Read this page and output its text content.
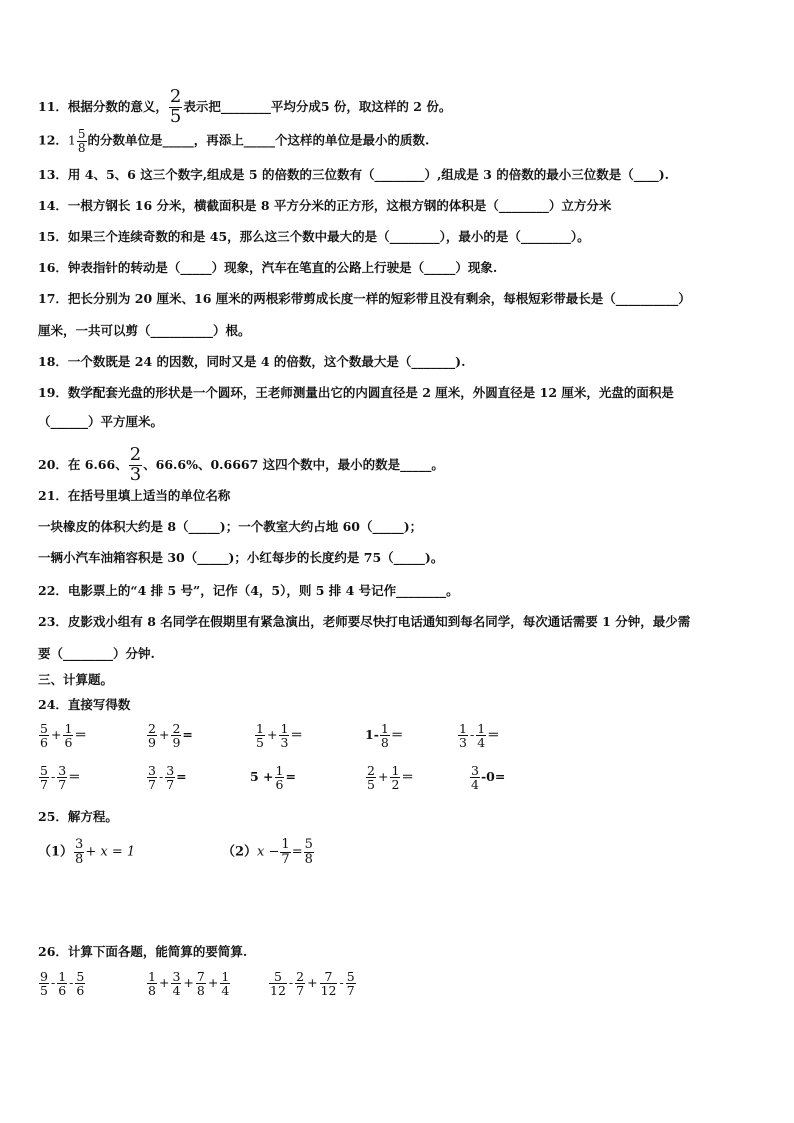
11．根据分数的意义， $\frac{2}{5}$ 表示把________平均分成5 份，取这样的 2 份。
12．$1 \frac{5}{8}$ 的分数单位是_____，再添上_____个这样的单位是最小的质数.
13．用 4、5、6 这三个数字,组成是 5 的倍数的三位数有（________）,组成是 3 的倍数的最小三位数是（____).
14．一根方钢长 16 分米，横截面积是 8 平方分米的正方形，这根方钢的体积是（________）立方分米
15．如果三个连续奇数的和是 45，那么这三个数中最大的是（________），最小的是（________）。
16．钟表指针的转动是（_____）现象，汽车在笔直的公路上行驶是（_____）现象.
17．把长分别为 20 厘米、16 厘米的两根彩带剪成长度一样的短彩带且没有剩余，每根短彩带最长是（__________）
厘米，一共可以剪（__________）根。
18．一个数既是 24 的因数，同时又是 4 的倍数，这个数最大是（_______).
19．数学配套光盘的形状是一个圆环，王老师测量出它的内圆直径是 2 厘米，外圆直径是 12 厘米，光盘的面积是
（______）平方厘米。
20．在 6.66、 $\frac{2}{3}$ 、66.6%、0.6667 这四个数中，最小的数是_____。
21．在括号里填上适当的单位名称
一块橡皮的体积大约是 8（_____)；一个教室大约占地 60（_____)；
一辆小汽车油箱容积是 30（_____)；小红每步的长度约是 75（_____)。
22．电影票上的“4 排 5 号”，记作（4，5），则 5 排 4 号记作________。
23．皮影戏小组有 8 名同学在假期里有紧急演出，老师要尽快打电话通知到每名同学，每次通话需要 1 分钟，最少需
要（________）分钟.
三、计算题。
24．直接写得数
$\frac{5}{6} + \frac{1}{6}$ ＝	$\frac{2}{9} + \frac{2}{9}$ =	$\frac{1}{5} + \frac{1}{3}$ ＝	$1- \frac{1}{8}$ ＝	$\frac{1}{3} - \frac{1}{4}$ ＝
$\frac{5}{7} - \frac{3}{7}$ ＝	$\frac{3}{7} - \frac{3}{7}$ =	$5 + \frac{1}{6}$ =	$\frac{2}{5} + \frac{1}{2}$ ＝	$\frac{3}{4} -0=$
25．解方程。
$(1) \frac{3}{8} + x = 1$	$(2)x - \frac{1}{7} = \frac{5}{8}$
26．计算下面各题，能简算的要简算.
$\frac{9}{5} - \frac{1}{6} - \frac{5}{6}$	$\frac{1}{8} + \frac{3}{4} + \frac{7}{8} + \frac{1}{4}$	$\frac{5}{12} - \frac{2}{7} + \frac{7}{12} - \frac{5}{7}$
